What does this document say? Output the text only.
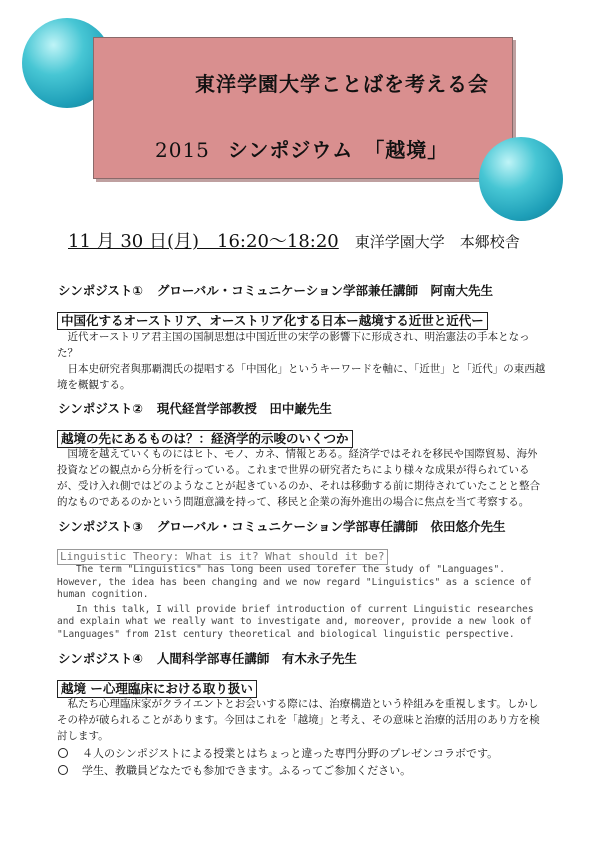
東洋学園大学ことばを考える会
2015 シンポジウム　「越境」
11 月 30 日(月)　16:20〜18:20 東洋学園大学　本郷校舎
シンポジスト① グローバル・コミュニケーション学部兼任講師　阿南大先生
中国化するオーストリア、オーストリア化する日本ー越境する近世と近代ー

近代オーストリア君主国の国制思想は中国近世の宋学の影響下に形成され、明治憲法の手本となった？

日本史研究者與那覇潤氏の提唱する「中国化」というキーワードを軸に、「近世」と「近代」の東西越境を概観する。

シンポジスト② 現代経営学部教授　田中巌先生
越境の先にあるものは？：経済学的示唆のいくつか

国境を越えていくものにはヒト、モノ、カネ、情報とある。経済学ではそれを移民や国際貿易、海外投資などの観点から分析を行っている。これまで世界の研究者たちにより様々な成果が得られているが、受け入れ側ではどのようなことが起きているのか、それは移動する前に期待されていたことと整合的なものであるのかという問題意識を持って、移民と企業の海外進出の場合に焦点を当て考察する。

シンポジスト③ グローバル・コミュニケーション学部専任講師　依田悠介先生
Linguistic Theory: What is it? What should it be?

The term "Linguistics" has long been used torefer the study of "Languages". However, the idea has been changing and we now regard "Linguistics" as a science of human cognition.

In this talk, I will provide brief introduction of current Linguistic researches and explain what we really want to investigate and, moreover, provide a new look of "Languages" from 21st century theoretical and biological linguistic perspective.

シンポジスト④ 人間科学部専任講師　有木永子先生
越境 ー心理臨床における取り扱い

私たち心理臨床家がクライエントとお会いする際には、治療構造という枠組みを重視します。しかしその枠が破られることがあります。今回はこれを「越境」と考え、その意味と治療的活用のあり方を検討します。

４人のシンポジストによる授業とはちょっと違った専門分野のプレゼンコラボです。
学生、教職員どなたでも参加できます。ふるってご参加ください。
